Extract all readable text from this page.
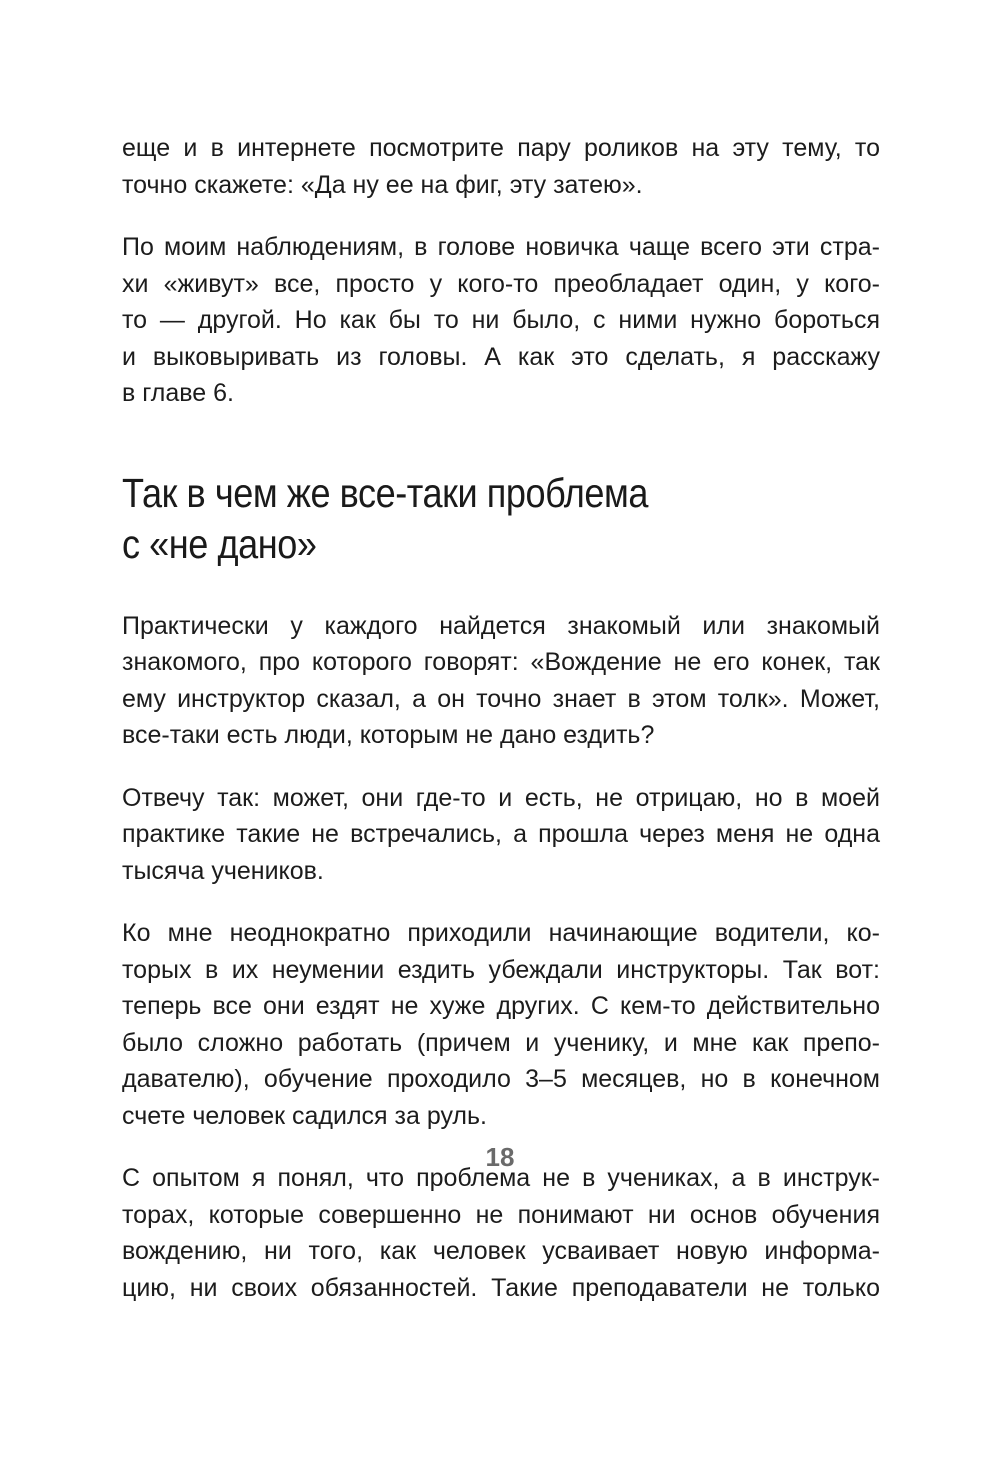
еще и в интернете посмотрите пару роликов на эту тему, то
точно скажете: «Да ну ее на фиг, эту затею».

По моим наблюдениям, в голове новичка чаще всего эти стра-
хи «живут» все, просто у кого-то преобладает один, у кого-
то — другой. Но как бы то ни было, с ними нужно бороться
и выковыривать из головы. А как это сделать, я расскажу
в главе 6.

Так в чем же все-таки проблема
с «не дано»

Практически у каждого найдется знакомый или знакомый
знакомого, про которого говорят: «Вождение не его конек, так
ему инструктор сказал, а он точно знает в этом толк». Может,
все-таки есть люди, которым не дано ездить?

Отвечу так: может, они где-то и есть, не отрицаю, но в моей
практике такие не встречались, а прошла через меня не одна
тысяча учеников.

Ко мне неоднократно приходили начинающие водители, ко-
торых в их неумении ездить убеждали инструкторы. Так вот:
теперь все они ездят не хуже других. С кем-то действительно
было сложно работать (причем и ученику, и мне как препо-
давателю), обучение проходило 3–5 месяцев, но в конечном
счете человек садился за руль.

С опытом я понял, что проблема не в учениках, а в инструк-
торах, которые совершенно не понимают ни основ обучения
вождению, ни того, как человек усваивает новую информа-
цию, ни своих обязанностей. Такие преподаватели не только

18
